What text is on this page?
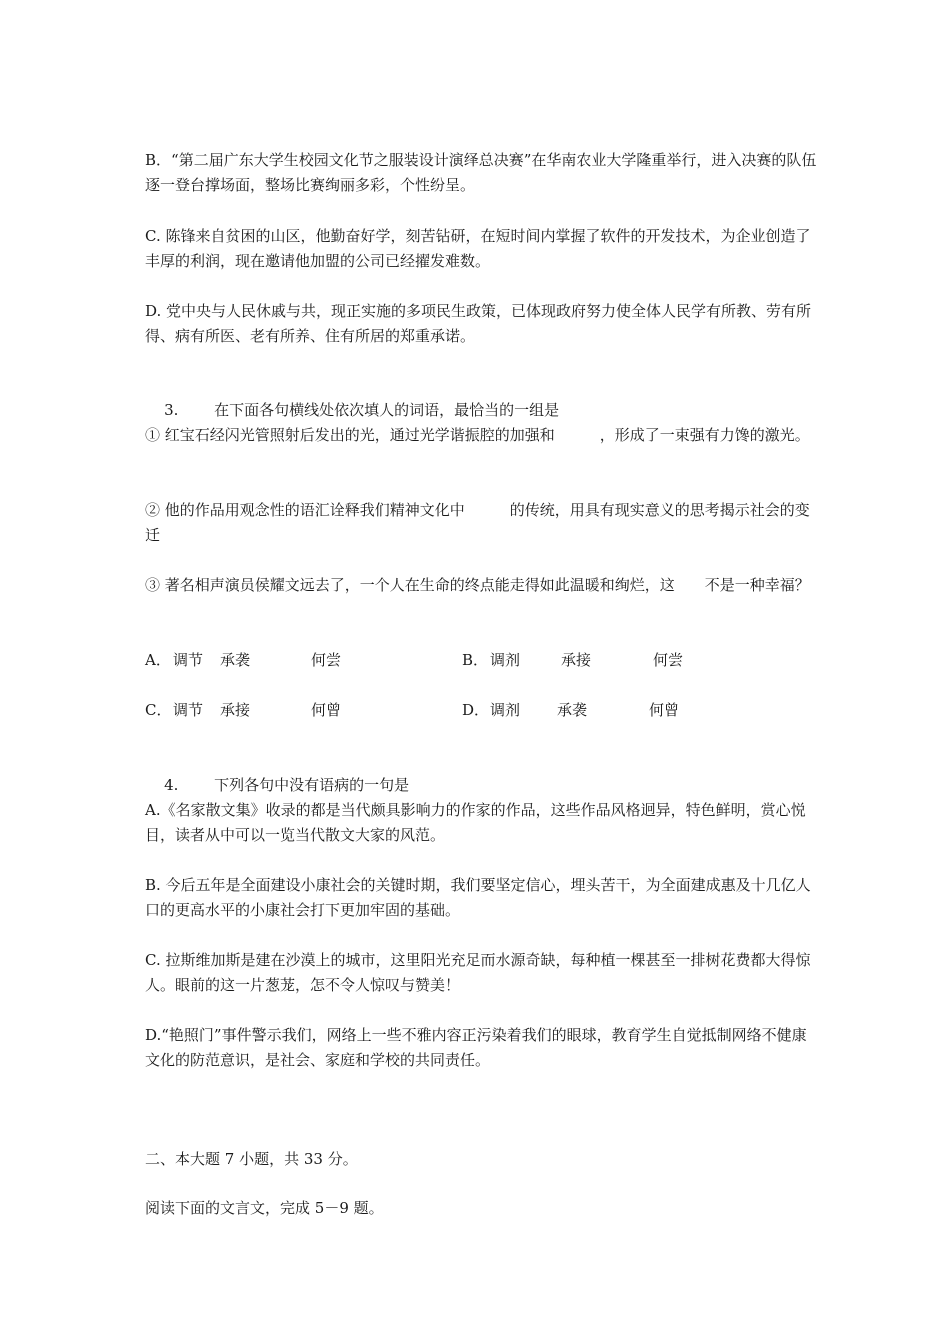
B．“第二届广东大学生校园文化节之服装设计演绎总决赛”在华南农业大学隆重举行，进入决赛的队伍逐一登台撑场面，整场比赛绚丽多彩，个性纷呈。

C. 陈锋来自贫困的山区，他勤奋好学，刻苦钻研，在短时间内掌握了软件的开发技术，为企业创造了丰厚的利润，现在邀请他加盟的公司已经擢发难数。

D. 党中央与人民休戚与共，现正实施的多项民生政策，已体现政府努力使全体人民学有所教、劳有所得、病有所医、老有所养、住有所居的郑重承诺。

3. 在下面各句横线处依次填人的词语，最恰当的一组是

① 红宝石经闪光管照射后发出的光，通过光学谐振腔的加强和　　　，形成了一束强有力馋的激光。

② 他的作品用观念性的语汇诠释我们精神文化中　　　的传统，用具有现实意义的思考揭示社会的变迁

③ 著名相声演员侯耀文远去了，一个人在生命的终点能走得如此温暖和绚烂，这　　不是一种幸福？

A． 调节 承袭	何尝	B． 调剂	承接	何尝
C． 调节 承接	何曾	D． 调剂 承袭	何曾

4. 下列各句中没有语病的一句是

A.《名家散文集》收录的都是当代颇具影响力的作家的作品，这些作品风格迥异，特色鲜明，赏心悦目，读者从中可以一览当代散文大家的风范。

B. 今后五年是全面建设小康社会的关键时期，我们要坚定信心，埋头苦干，为全面建成惠及十几亿人口的更高水平的小康社会打下更加牢固的基础。

C. 拉斯维加斯是建在沙漠上的城市，这里阳光充足而水源奇缺，每种植一棵甚至一排树花费都大得惊人。眼前的这一片葱茏，怎不令人惊叹与赞美！

D.“艳照门”事件警示我们，网络上一些不雅内容正污染着我们的眼球，教育学生自觉抵制网络不健康文化的防范意识，是社会、家庭和学校的共同责任。

二、本大题 7 小题，共 33 分。

阅读下面的文言文，完成 5－9 题。
